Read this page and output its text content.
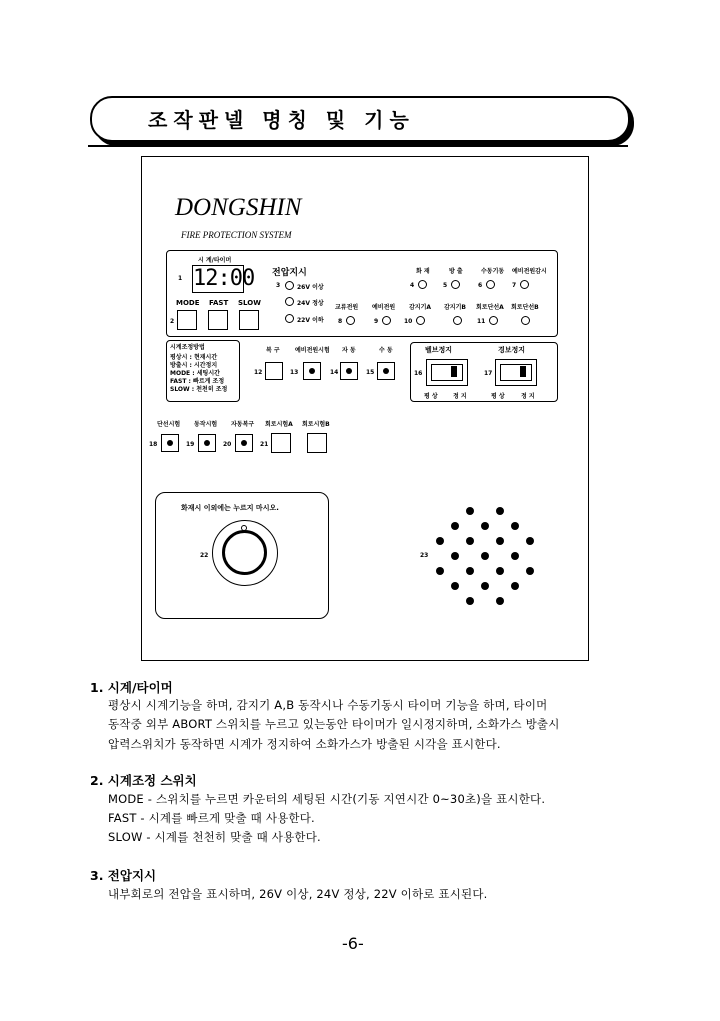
조작판넬 명칭 및 기능
DONGSHIN
FIRE PROTECTION SYSTEM
시 계/타이머
1 12:00
MODE FAST SLOW
2
전압지시
3	26V 이상
24V 정상
22V 이하
화 재
4
방 출
5
수동기동
6
예비전원감시
7
교류전원
8
예비전원
9
감지기A
10
감지기B 회로단선A
11
회로단선B
시계조정방법
평상시 : 현재시간
방출시 : 시간정지
MODE : 세팅시간
FAST : 빠르게 조정
SLOW : 천천히 조정
복 구
12
예비전원시험
13
자 동
14
수 동
15
벨브정지
16
평 상	정 지
경보정지
17
평 상	정 지
단선시험
18
동작시험
19
자동복구
20
회로시험A
21
회로시험B
화재시 이외에는 누르지 마시오.
22	23
1. 시계/타이머
평상시 시계기능을 하며, 감지기 A,B 동작시나 수동기동시 타이머 기능을 하며, 타이머
동작중 외부 ABORT 스위치를 누르고 있는동안 타이머가 일시정지하며, 소화가스 방출시
압력스위치가 동작하면 시계가 정지하여 소화가스가 방출된 시각을 표시한다.
2. 시계조정 스위치
MODE - 스위치를 누르면 카운터의 세팅된 시간(기동 지연시간 0~30초)을 표시한다.
FAST - 시계를 빠르게 맞출 때 사용한다.
SLOW - 시계를 천천히 맞출 때 사용한다.
3. 전압지시
내부회로의 전압을 표시하며, 26V 이상, 24V 정상, 22V 이하로 표시된다.
-6-
